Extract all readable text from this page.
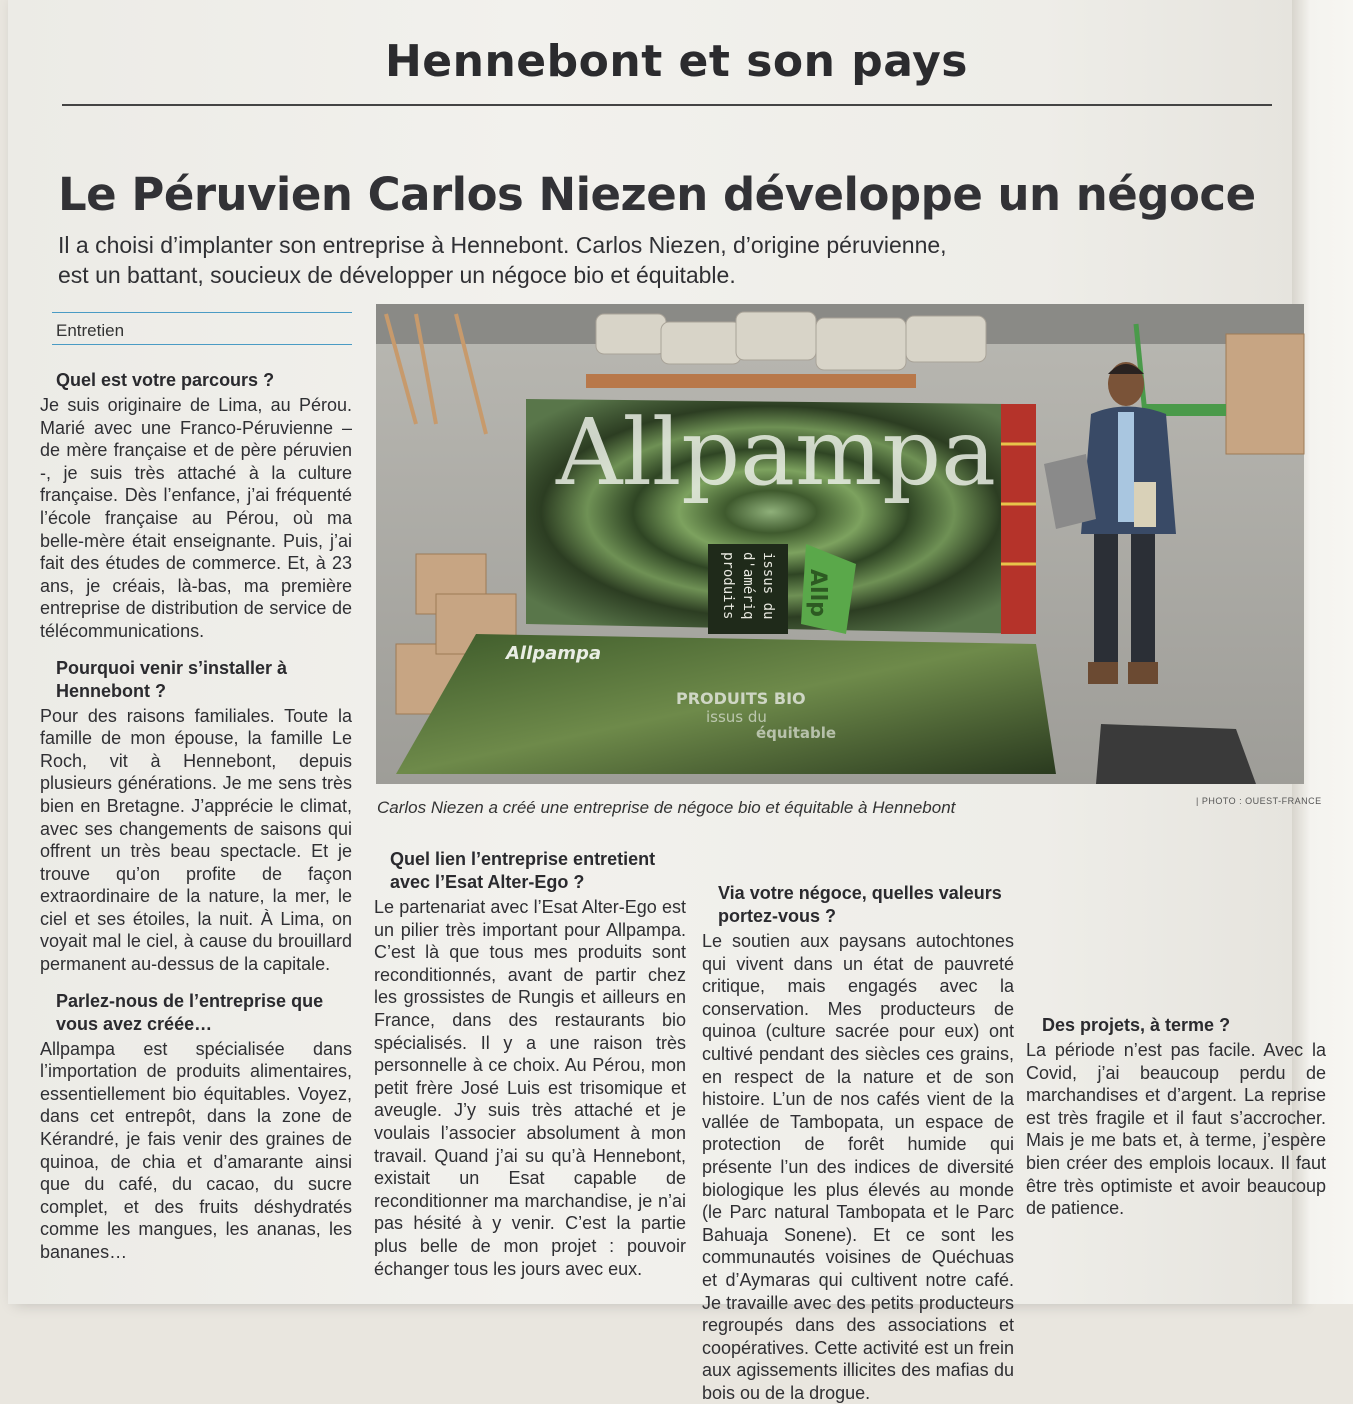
Hennebont et son pays
Le Péruvien Carlos Niezen développe un négoce
Il a choisi d’implanter son entreprise à Hennebont. Carlos Niezen, d’origine péruvienne,
est un battant, soucieux de développer un négoce bio et équitable.
Entretien
Quel est votre parcours ?

Je suis originaire de Lima, au Pérou. Marié avec une Franco-Péruvienne – de mère française et de père péruvien -, je suis très attaché à la culture française. Dès l’enfance, j’ai fréquenté l’école française au Pérou, où ma belle-mère était enseignante. Puis, j’ai fait des études de commerce. Et, à 23 ans, je créais, là-bas, ma première entreprise de distribution de service de télécommunications.

Pourquoi venir s’installer à Hennebont ?

Pour des raisons familiales. Toute la famille de mon épouse, la famille Le Roch, vit à Hennebont, depuis plusieurs générations. Je me sens très bien en Bretagne. J’apprécie le climat, avec ses changements de saisons qui offrent un très beau spectacle. Et je trouve qu’on profite de façon extraordinaire de la nature, la mer, le ciel et ses étoiles, la nuit. À Lima, on voyait mal le ciel, à cause du brouillard permanent au-dessus de la capitale.

Parlez-nous de l’entreprise que vous avez créée…

Allpampa est spécialisée dans l’importation de produits alimentaires, essentiellement bio équitables. Voyez, dans cet entrepôt, dans la zone de Kérandré, je fais venir des graines de quinoa, de chia et d’amarante ainsi que du café, du cacao, du sucre complet, et des fruits déshydratés comme les mangues, les ananas, les bananes…

Allpampa
produits d'amériq issus du Allp
Allpampa
PRODUITS BIO
issus du
équitable
Carlos Niezen a créé une entreprise de négoce bio et équitable à Hennebont	| PHOTO : OUEST-FRANCE
Quel lien l’entreprise entretient avec l’Esat Alter-Ego ?

Le partenariat avec l’Esat Alter-Ego est un pilier très important pour Allpampa. C’est là que tous mes produits sont reconditionnés, avant de partir chez les grossistes de Rungis et ailleurs en France, dans des restaurants bio spécialisés. Il y a une raison très personnelle à ce choix. Au Pérou, mon petit frère José Luis est trisomique et aveugle. J’y suis très attaché et je voulais l’associer absolument à mon travail. Quand j’ai su qu’à Hennebont, existait un Esat capable de reconditionner ma marchandise, je n’ai pas hésité à y venir. C’est la partie plus belle de mon projet : pouvoir échanger tous les jours avec eux.

Via votre négoce, quelles valeurs portez-vous ?

Le soutien aux paysans autochtones qui vivent dans un état de pauvreté critique, mais engagés avec la conservation. Mes producteurs de quinoa (culture sacrée pour eux) ont cultivé pendant des siècles ces grains, en respect de la nature et de son histoire. L’un de nos cafés vient de la vallée de Tambopata, un espace de protection de forêt humide qui présente l’un des indices de diversité biologique les plus élevés au monde (le Parc natural Tambopata et le Parc Bahuaja Sonene). Et ce sont les communautés voisines de Quéchuas et d’Aymaras qui cultivent notre café. Je travaille avec des petits producteurs regroupés dans des associations et coopératives. Cette activité est un frein aux agissements illicites des mafias du bois ou de la drogue.

Des projets, à terme ?

La période n’est pas facile. Avec la Covid, j’ai beaucoup perdu de marchandises et d’argent. La reprise est très fragile et il faut s’accrocher. Mais je me bats et, à terme, j’espère bien créer des emplois locaux. Il faut être très optimiste et avoir beaucoup de patience.
